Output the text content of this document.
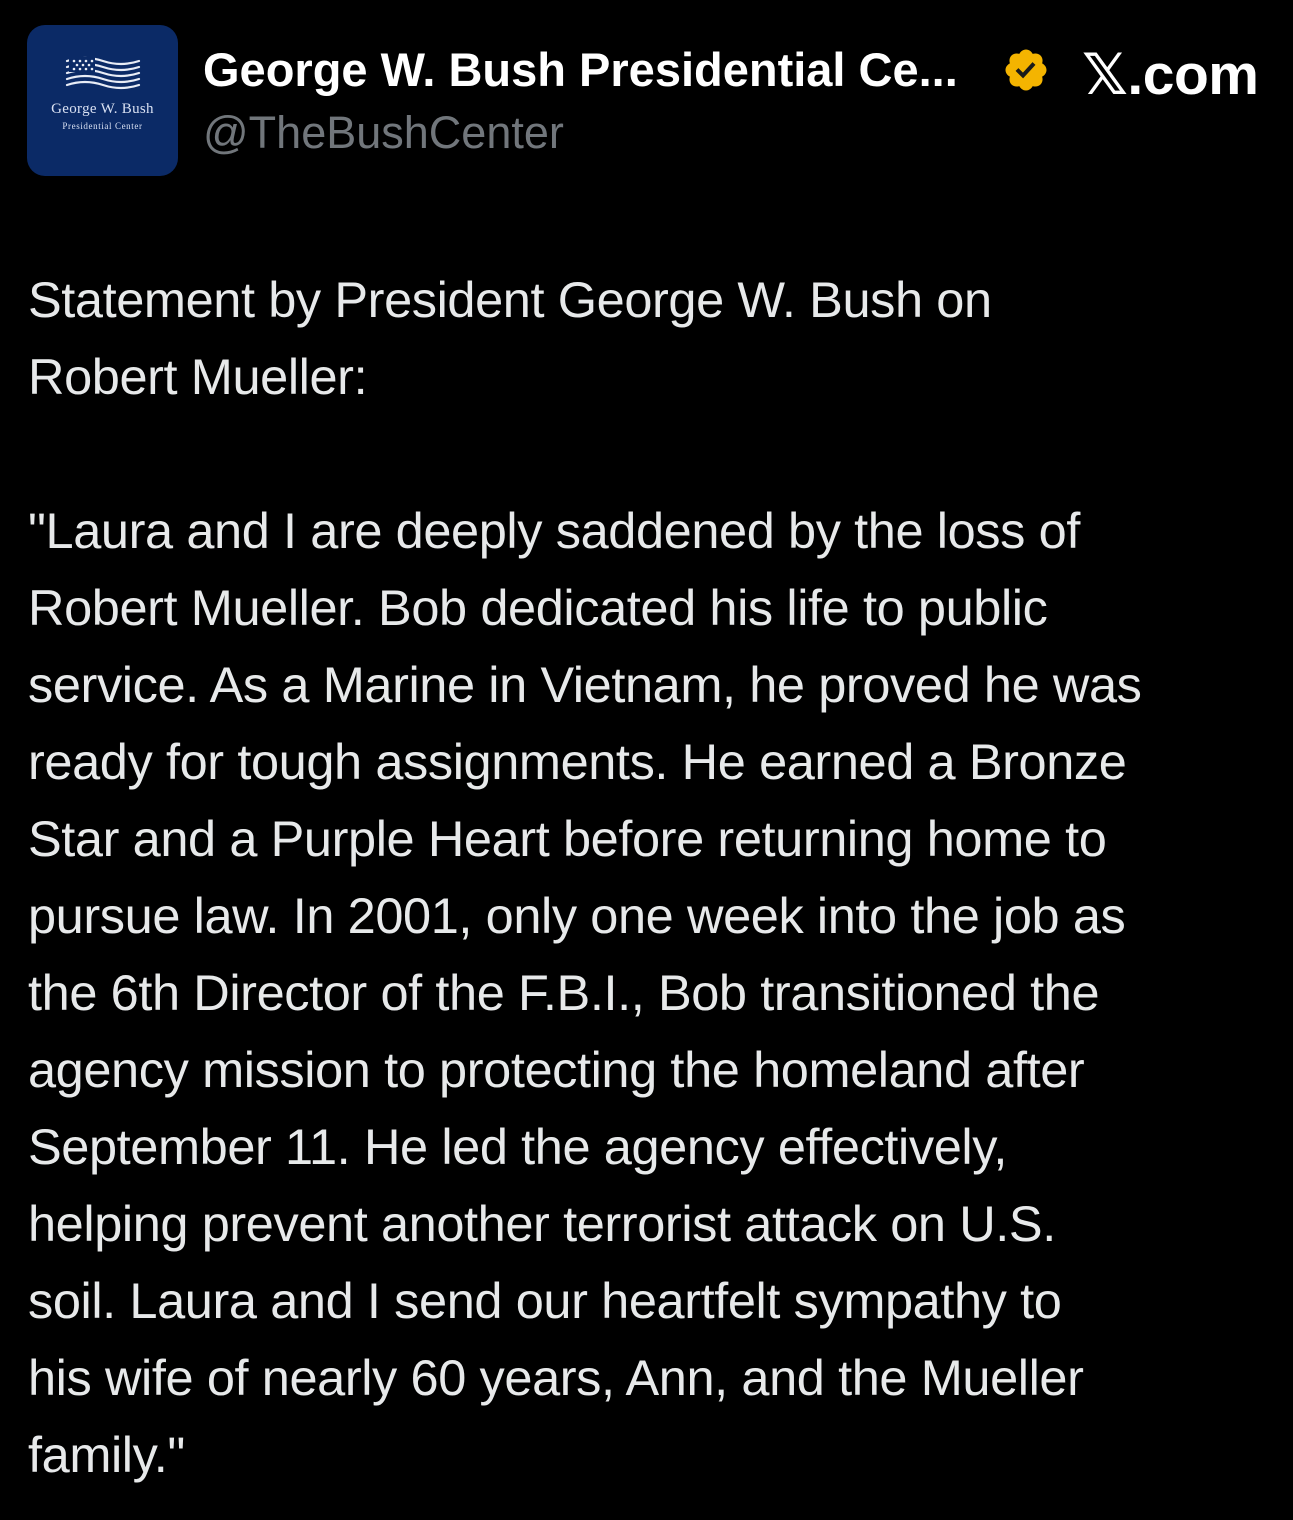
George W. Bush
Presidential Center
George W. Bush Presidential Ce... 𝕏.com
@TheBushCenter

Statement by President George W. Bush on
Robert Mueller:

"Laura and I are deeply saddened by the loss of
Robert Mueller. Bob dedicated his life to public
service. As a Marine in Vietnam, he proved he was
ready for tough assignments. He earned a Bronze
Star and a Purple Heart before returning home to
pursue law. In 2001, only one week into the job as
the 6th Director of the F.B.I., Bob transitioned the
agency mission to protecting the homeland after
September 11. He led the agency effectively,
helping prevent another terrorist attack on U.S.
soil. Laura and I send our heartfelt sympathy to
his wife of nearly 60 years, Ann, and the Mueller
family."
